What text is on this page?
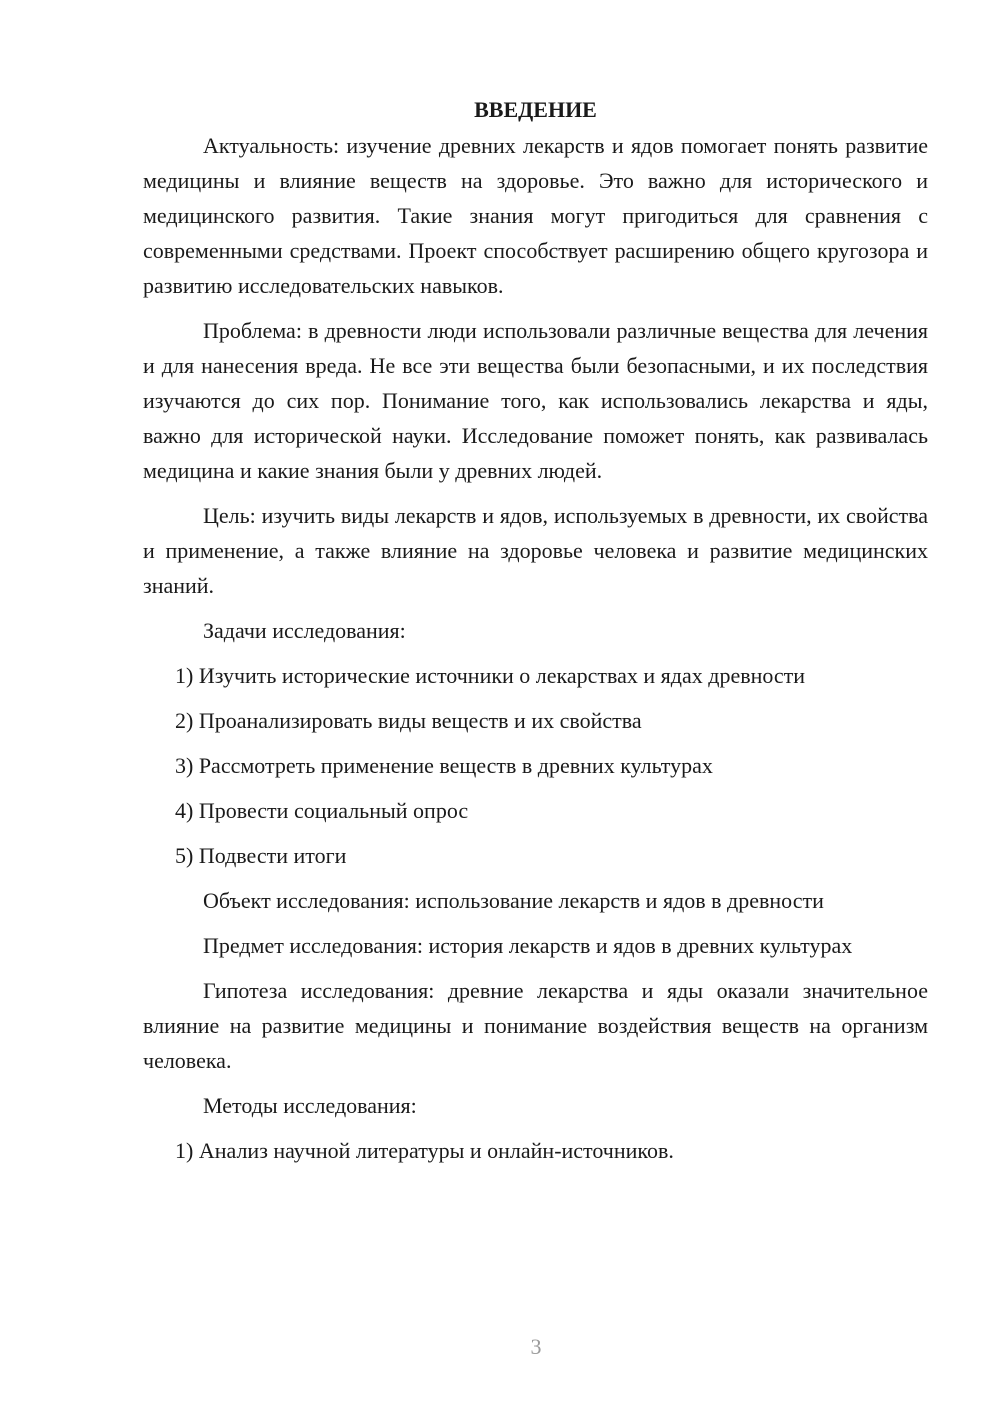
ВВЕДЕНИЕ

Актуальность: изучение древних лекарств и ядов помогает понять развитие медицины и влияние веществ на здоровье. Это важно для исторического и медицинского развития. Такие знания могут пригодиться для сравнения с современными средствами. Проект способствует расширению общего кругозора и развитию исследовательских навыков.

Проблема: в древности люди использовали различные вещества для лечения и для нанесения вреда. Не все эти вещества были безопасными, и их последствия изучаются до сих пор. Понимание того, как использовались лекарства и яды, важно для исторической науки. Исследование поможет понять, как развивалась медицина и какие знания были у древних людей.

Цель: изучить виды лекарств и ядов, используемых в древности, их свойства и применение, а также влияние на здоровье человека и развитие медицинских знаний.

Задачи исследования:
1) Изучить исторические источники о лекарствах и ядах древности
2) Проанализировать виды веществ и их свойства
3) Рассмотреть применение веществ в древних культурах
4) Провести социальный опрос
5) Подвести итоги
Объект исследования: использование лекарств и ядов в древности

Предмет исследования: история лекарств и ядов в древних культурах

Гипотеза исследования: древние лекарства и яды оказали значительное влияние на развитие медицины и понимание воздействия веществ на организм человека.

Методы исследования:
1) Анализ научной литературы и онлайн-источников.
3
